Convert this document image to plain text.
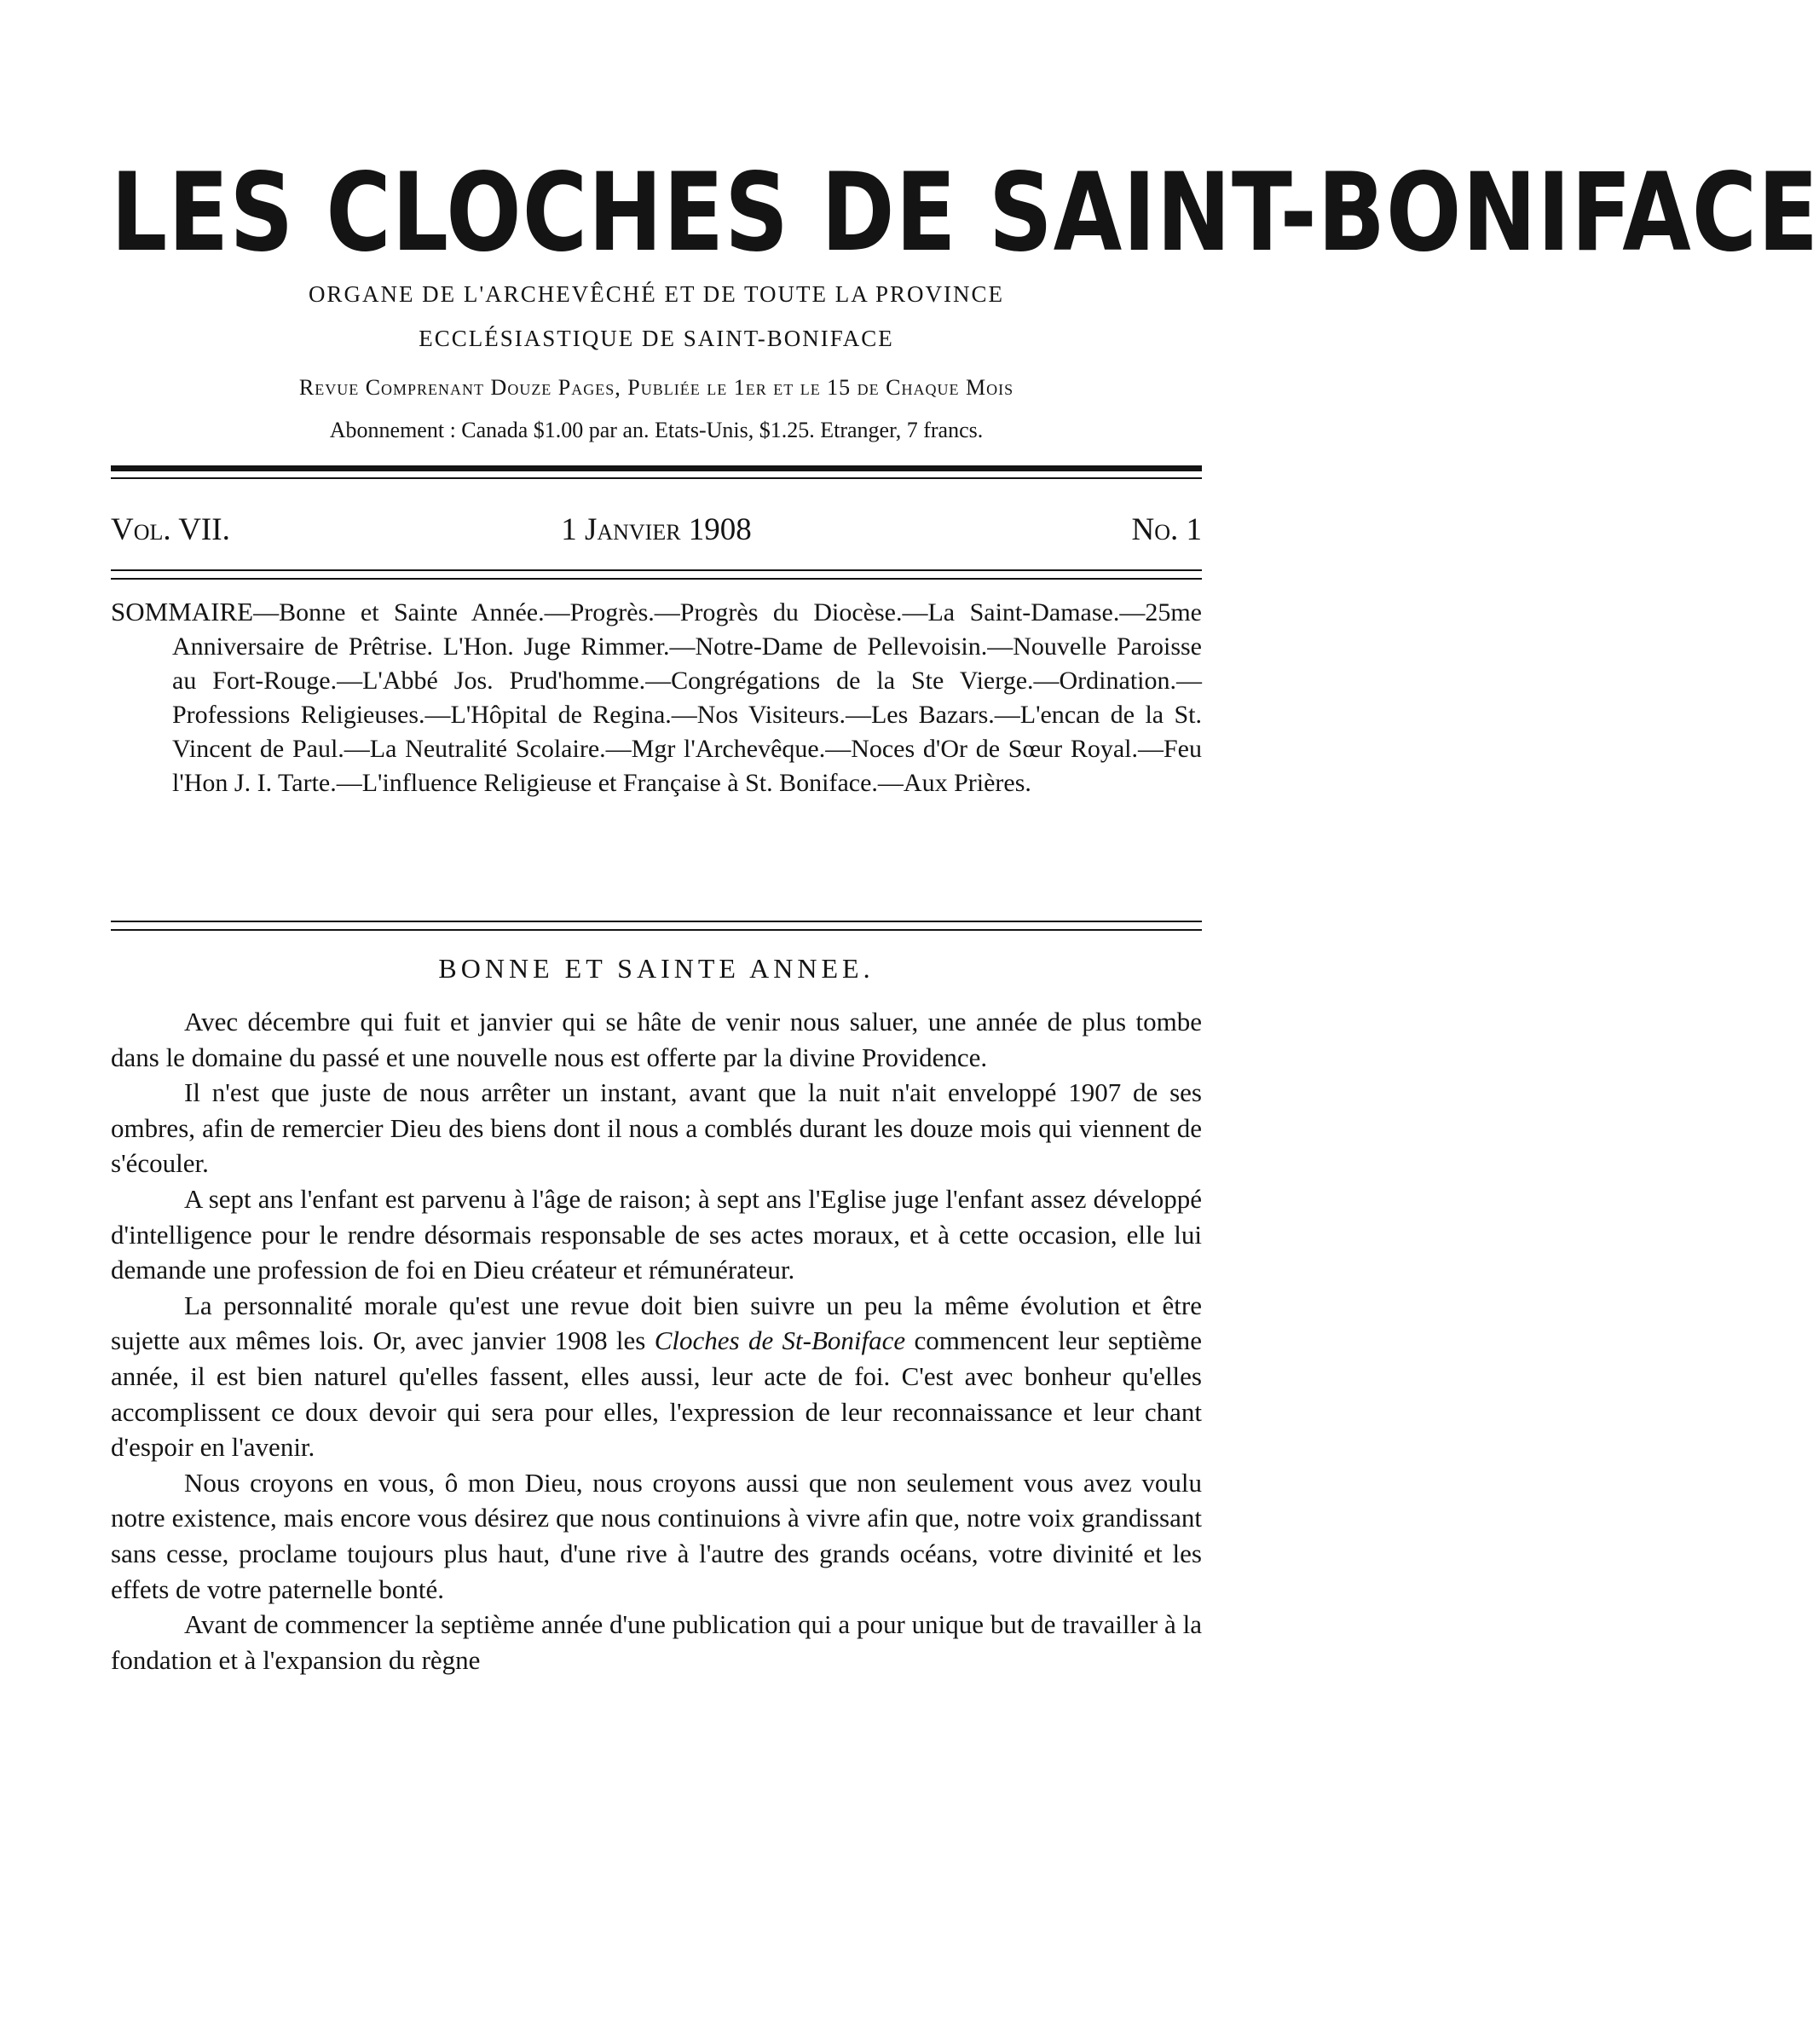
LES CLOCHES DE SAINT-BONIFACE
ORGANE DE L'ARCHEVÊCHÉ ET DE TOUTE LA PROVINCE
ECCLÉSIASTIQUE DE SAINT-BONIFACE
Revue Comprenant Douze Pages, Publiée le 1er et le 15 de Chaque Mois
Abonnement : Canada $1.00 par an. Etats-Unis, $1.25. Etranger, 7 francs.
Vol. VII.	1 Janvier 1908	No. 1
SOMMAIRE—Bonne et Sainte Année.—Progrès.—Progrès du Diocèse.—La Saint-Damase.—25me Anniversaire de Prêtrise. L'Hon. Juge Rimmer.—Notre-Dame de Pellevoisin.—Nouvelle Paroisse au Fort-Rouge.—L'Abbé Jos. Prud'homme.—Congrégations de la Ste Vierge.—Ordination.—Professions Religieuses.—L'Hôpital de Regina.—Nos Visiteurs.—Les Bazars.—L'encan de la St. Vincent de Paul.—La Neutralité Scolaire.—Mgr l'Archevêque.—Noces d'Or de Sœur Royal.—Feu l'Hon J. I. Tarte.—L'influence Religieuse et Française à St. Boniface.—Aux Prières.
BONNE ET SAINTE ANNEE.

Avec décembre qui fuit et janvier qui se hâte de venir nous saluer, une année de plus tombe dans le domaine du passé et une nouvelle nous est offerte par la divine Providence.

Il n'est que juste de nous arrêter un instant, avant que la nuit n'ait enveloppé 1907 de ses ombres, afin de remercier Dieu des biens dont il nous a comblés durant les douze mois qui viennent de s'écouler.

A sept ans l'enfant est parvenu à l'âge de raison; à sept ans l'Eglise juge l'enfant assez développé d'intelligence pour le rendre désormais responsable de ses actes moraux, et à cette occasion, elle lui demande une profession de foi en Dieu créateur et rémunérateur.

La personnalité morale qu'est une revue doit bien suivre un peu la même évolution et être sujette aux mêmes lois. Or, avec janvier 1908 les Cloches de St-Boniface commencent leur septième année, il est bien naturel qu'elles fassent, elles aussi, leur acte de foi. C'est avec bonheur qu'elles accomplissent ce doux devoir qui sera pour elles, l'expression de leur reconnaissance et leur chant d'espoir en l'avenir.

Nous croyons en vous, ô mon Dieu, nous croyons aussi que non seulement vous avez voulu notre existence, mais encore vous désirez que nous continuions à vivre afin que, notre voix grandissant sans cesse, proclame toujours plus haut, d'une rive à l'autre des grands océans, votre divinité et les effets de votre paternelle bonté.

Avant de commencer la septième année d'une publication qui a pour unique but de travailler à la fondation et à l'expansion du règne
